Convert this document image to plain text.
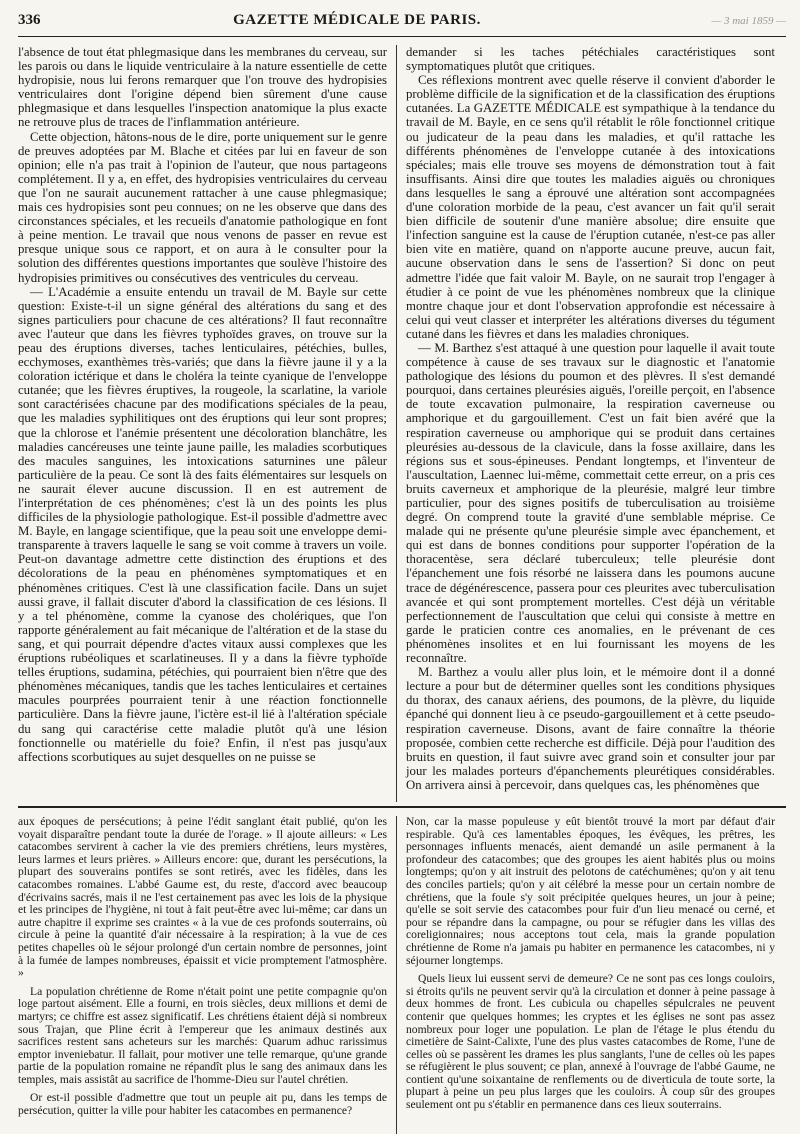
336	GAZETTE MÉDICALE DE PARIS.	— 3 mai 1859 —

l'absence de tout état phlegmasique dans les membranes du cerveau, sur les parois ou dans le liquide ventriculaire à la nature essentielle de cette hydropisie, nous lui ferons remarquer que l'on trouve des hydropisies ventriculaires dont l'origine dépend bien sûrement d'une cause phlegmasique et dans lesquelles l'inspection anatomique la plus exacte ne retrouve plus de traces de l'inflammation antérieure.

Cette objection, hâtons-nous de le dire, porte uniquement sur le genre de preuves adoptées par M. Blache et citées par lui en faveur de son opinion; elle n'a pas trait à l'opinion de l'auteur, que nous partageons complétement. Il y a, en effet, des hydropisies ventriculaires du cerveau que l'on ne saurait aucunement rattacher à une cause phlegmasique; mais ces hydropisies sont peu connues; on ne les observe que dans des circonstances spéciales, et les recueils d'anatomie pathologique en font à peine mention. Le travail que nous venons de passer en revue est presque unique sous ce rapport, et on aura à le consulter pour la solution des différentes questions importantes que soulève l'histoire des hydropisies primitives ou consécutives des ventricules du cerveau.

— L'Académie a ensuite entendu un travail de M. Bayle sur cette question: Existe-t-il un signe général des altérations du sang et des signes particuliers pour chacune de ces altérations? Il faut reconnaître avec l'auteur que dans les fièvres typhoïdes graves, on trouve sur la peau des éruptions diverses, taches lenticulaires, pétéchies, bulles, ecchymoses, exanthèmes très-variés; que dans la fièvre jaune il y a la coloration ictérique et dans le choléra la teinte cyanique de l'enveloppe cutanée; que les fièvres éruptives, la rougeole, la scarlatine, la variole sont caractérisées chacune par des modifications spéciales de la peau, que les maladies syphilitiques ont des éruptions qui leur sont propres; que la chlorose et l'anémie présentent une décoloration blanchâtre, les maladies cancéreuses une teinte jaune paille, les maladies scorbutiques des macules sanguines, les intoxications saturnines une pâleur particulière de la peau. Ce sont là des faits élémentaires sur lesquels on ne saurait élever aucune discussion. Il en est autrement de l'interprétation de ces phénomènes; c'est là un des points les plus difficiles de la physiologie pathologique. Est-il possible d'admettre avec M. Bayle, en langage scientifique, que la peau soit une enveloppe demi-transparente à travers laquelle le sang se voit comme à travers un voile. Peut-on davantage admettre cette distinction des éruptions et des décolorations de la peau en phénomènes symptomatiques et en phénomènes critiques. C'est là une classification facile. Dans un sujet aussi grave, il fallait discuter d'abord la classification de ces lésions. Il y a tel phénomène, comme la cyanose des cholériques, que l'on rapporte généralement au fait mécanique de l'altération et de la stase du sang, et qui pourrait dépendre d'actes vitaux aussi complexes que les éruptions rubéoliques et scarlatineuses. Il y a dans la fièvre typhoïde telles éruptions, sudamina, pétéchies, qui pourraient bien n'être que des phénomènes mécaniques, tandis que les taches lenticulaires et certaines macules pourprées pourraient tenir à une réaction fonctionnelle particulière. Dans la fièvre jaune, l'ictère est-il lié à l'altération spéciale du sang qui caractérise cette maladie plutôt qu'à une lésion fonctionnelle ou matérielle du foie? Enfin, il n'est pas jusqu'aux affections scorbutiques au sujet desquelles on ne puisse se

demander si les taches pétéchiales caractéristiques sont symptomatiques plutôt que critiques.

Ces réflexions montrent avec quelle réserve il convient d'aborder le problème difficile de la signification et de la classification des éruptions cutanées. La GAZETTE MÉDICALE est sympathique à la tendance du travail de M. Bayle, en ce sens qu'il rétablit le rôle fonctionnel critique ou judicateur de la peau dans les maladies, et qu'il rattache les différents phénomènes de l'enveloppe cutanée à des intoxications spéciales; mais elle trouve ses moyens de démonstration tout à fait insuffisants. Ainsi dire que toutes les maladies aiguës ou chroniques dans lesquelles le sang a éprouvé une altération sont accompagnées d'une coloration morbide de la peau, c'est avancer un fait qu'il serait bien difficile de soutenir d'une manière absolue; dire ensuite que l'infection sanguine est la cause de l'éruption cutanée, n'est-ce pas aller bien vite en matière, quand on n'apporte aucune preuve, aucun fait, aucune observation dans le sens de l'assertion? Si donc on peut admettre l'idée que fait valoir M. Bayle, on ne saurait trop l'engager à étudier à ce point de vue les phénomènes nombreux que la clinique montre chaque jour et dont l'observation approfondie est nécessaire à celui qui veut classer et interpréter les altérations diverses du tégument cutané dans les fièvres et dans les maladies chroniques.

— M. Barthez s'est attaqué à une question pour laquelle il avait toute compétence à cause de ses travaux sur le diagnostic et l'anatomie pathologique des lésions du poumon et des plèvres. Il s'est demandé pourquoi, dans certaines pleurésies aiguës, l'oreille perçoit, en l'absence de toute excavation pulmonaire, la respiration caverneuse ou amphorique et du gargouillement. C'est un fait bien avéré que la respiration caverneuse ou amphorique qui se produit dans certaines pleurésies au-dessous de la clavicule, dans la fosse axillaire, dans les régions sus et sous-épineuses. Pendant longtemps, et l'inventeur de l'auscultation, Laennec lui-même, commettait cette erreur, on a pris ces bruits caverneux et amphorique de la pleurésie, malgré leur timbre particulier, pour des signes positifs de tuberculisation au troisième degré. On comprend toute la gravité d'une semblable méprise. Ce malade qui ne présente qu'une pleurésie simple avec épanchement, et qui est dans de bonnes conditions pour supporter l'opération de la thoracentèse, sera déclaré tuberculeux; telle pleurésie dont l'épanchement une fois résorbé ne laissera dans les poumons aucune trace de dégénérescence, passera pour ces pleurites avec tuberculisation avancée et qui sont promptement mortelles. C'est déjà un véritable perfectionnement de l'auscultation que celui qui consiste à mettre en garde le praticien contre ces anomalies, en le prévenant de ces phénomènes insolites et en lui fournissant les moyens de les reconnaître.

M. Barthez a voulu aller plus loin, et le mémoire dont il a donné lecture a pour but de déterminer quelles sont les conditions physiques du thorax, des canaux aériens, des poumons, de la plèvre, du liquide épanché qui donnent lieu à ce pseudo-gargouillement et à cette pseudo-respiration caverneuse. Disons, avant de faire connaître la théorie proposée, combien cette recherche est difficile. Déjà pour l'audition des bruits en question, il faut suivre avec grand soin et consulter jour par jour les malades porteurs d'épanchements pleurétiques considérables. On arrivera ainsi à percevoir, dans quelques cas, les phénomènes que

aux époques de persécutions; à peine l'édit sanglant était publié, qu'on les voyait disparaître pendant toute la durée de l'orage. » Il ajoute ailleurs: « Les catacombes servirent à cacher la vie des premiers chrétiens, leurs mystères, leurs larmes et leurs prières. » Ailleurs encore: que, durant les persécutions, la plupart des souverains pontifes se sont retirés, avec les fidèles, dans les catacombes romaines. L'abbé Gaume est, du reste, d'accord avec beaucoup d'écrivains sacrés, mais il ne l'est certainement pas avec les lois de la physique et les principes de l'hygiène, ni tout à fait peut-être avec lui-même; car dans un autre chapitre il exprime ses craintes « à la vue de ces profonds souterrains, où circule à peine la quantité d'air nécessaire à la respiration; à la vue de ces petites chapelles où le séjour prolongé d'un certain nombre de personnes, joint à la fumée de lampes nombreuses, épaissit et vicie promptement l'atmosphère. »

La population chrétienne de Rome n'était point une petite compagnie qu'on loge partout aisément. Elle a fourni, en trois siècles, deux millions et demi de martyrs; ce chiffre est assez significatif. Les chrétiens étaient déjà si nombreux sous Trajan, que Pline écrit à l'empereur que les animaux destinés aux sacrifices restent sans acheteurs sur les marchés: Quarum adhuc rarissimus emptor inveniebatur. Il fallait, pour motiver une telle remarque, qu'une grande partie de la population romaine ne répandît plus le sang des animaux dans les temples, mais assistât au sacrifice de l'homme-Dieu sur l'autel chrétien.

Or est-il possible d'admettre que tout un peuple ait pu, dans les temps de persécution, quitter la ville pour habiter les catacombes en permanence?

Non, car la masse populeuse y eût bientôt trouvé la mort par défaut d'air respirable. Qu'à ces lamentables époques, les évêques, les prêtres, les personnages influents menacés, aient demandé un asile permanent à la profondeur des catacombes; que des groupes les aient habités plus ou moins longtemps; qu'on y ait instruit des pelotons de catéchumènes; qu'on y ait tenu des conciles partiels; qu'on y ait célébré la messe pour un certain nombre de chrétiens, que la foule s'y soit précipitée quelques heures, un jour à peine; qu'elle se soit servie des catacombes pour fuir d'un lieu menacé ou cerné, et pour se répandre dans la campagne, ou pour se réfugier dans les villas des coreligionnaires; nous acceptons tout cela, mais la grande population chrétienne de Rome n'a jamais pu habiter en permanence les catacombes, ni y séjourner longtemps.

Quels lieux lui eussent servi de demeure? Ce ne sont pas ces longs couloirs, si étroits qu'ils ne peuvent servir qu'à la circulation et donner à peine passage à deux hommes de front. Les cubicula ou chapelles sépulcrales ne peuvent contenir que quelques hommes; les cryptes et les églises ne sont pas assez nombreux pour loger une population. Le plan de l'étage le plus étendu du cimetière de Saint-Calixte, l'une des plus vastes catacombes de Rome, l'une de celles où se passèrent les drames les plus sanglants, l'une de celles où les papes se réfugièrent le plus souvent; ce plan, annexé à l'ouvrage de l'abbé Gaume, ne contient qu'une soixantaine de renflements ou de diverticula de toute sorte, la plupart à peine un peu plus larges que les couloirs. À coup sûr des groupes seulement ont pu s'établir en permanence dans ces lieux souterrains.
